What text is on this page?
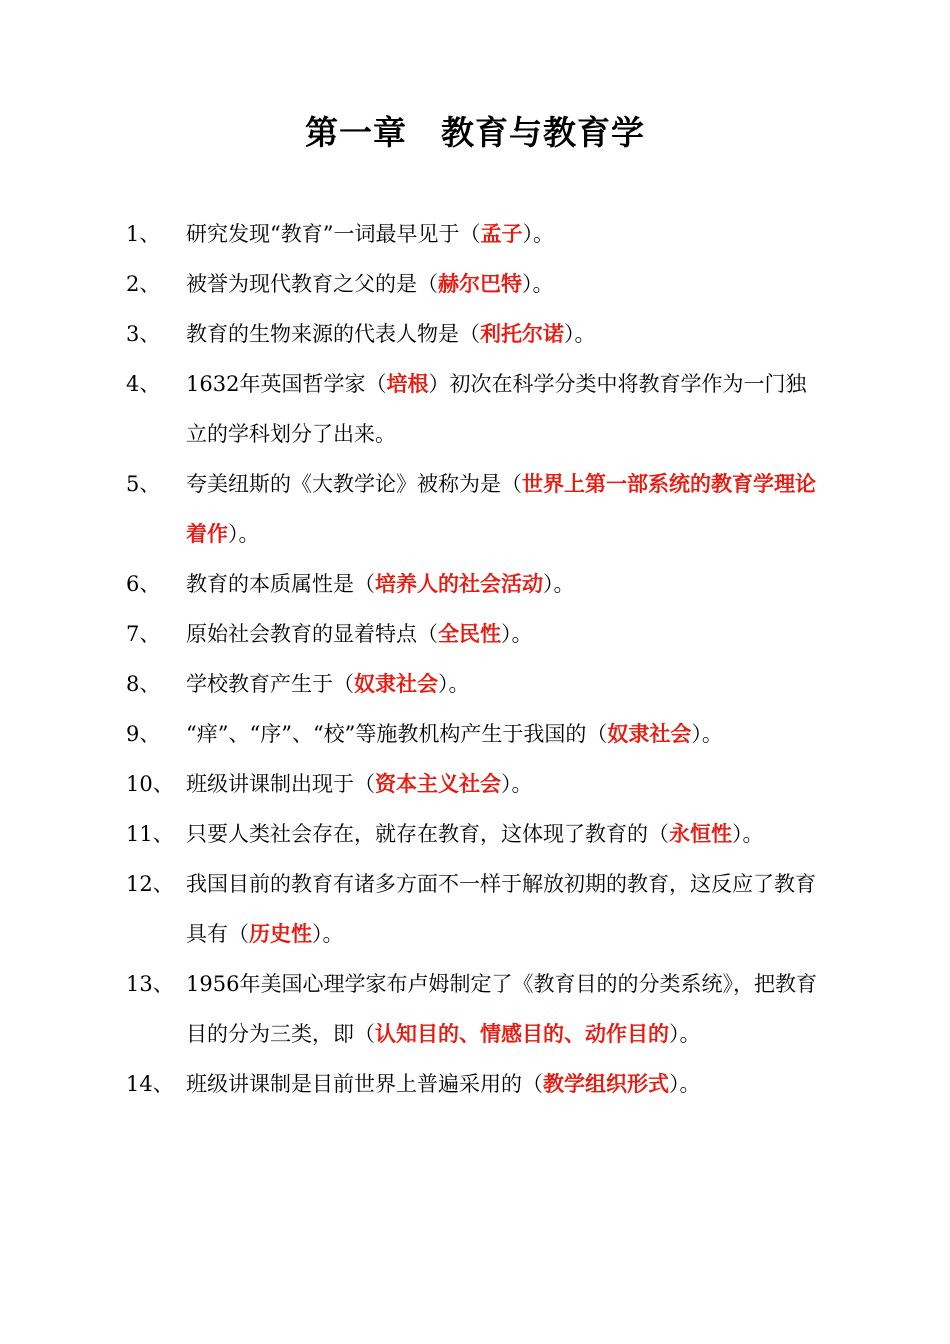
第一章　教育与教育学
1、 研究发现“教育”一词最早见于（孟子）。
2、 被誉为现代教育之父的是（赫尔巴特）。
3、 教育的生物来源的代表人物是（利托尔诺）。
4、 1632年英国哲学家（培根）初次在科学分类中将教育学作为一门独立的学科划分了出来。
5、 夸美纽斯的《大教学论》被称为是（世界上第一部系统的教育学理论着作）。
6、 教育的本质属性是（培养人的社会活动）。
7、 原始社会教育的显着特点（全民性）。
8、 学校教育产生于（奴隶社会）。
9、 “痒”、“序”、“校”等施教机构产生于我国的（奴隶社会）。
10、 班级讲课制出现于（资本主义社会）。
11、 只要人类社会存在，就存在教育，这体现了教育的（永恒性）。
12、 我国目前的教育有诸多方面不一样于解放初期的教育，这反应了教育具有（历史性）。
13、 1956年美国心理学家布卢姆制定了《教育目的的分类系统》，把教育目的分为三类，即（认知目的、情感目的、动作目的）。
14、 班级讲课制是目前世界上普遍采用的（教学组织形式）。
